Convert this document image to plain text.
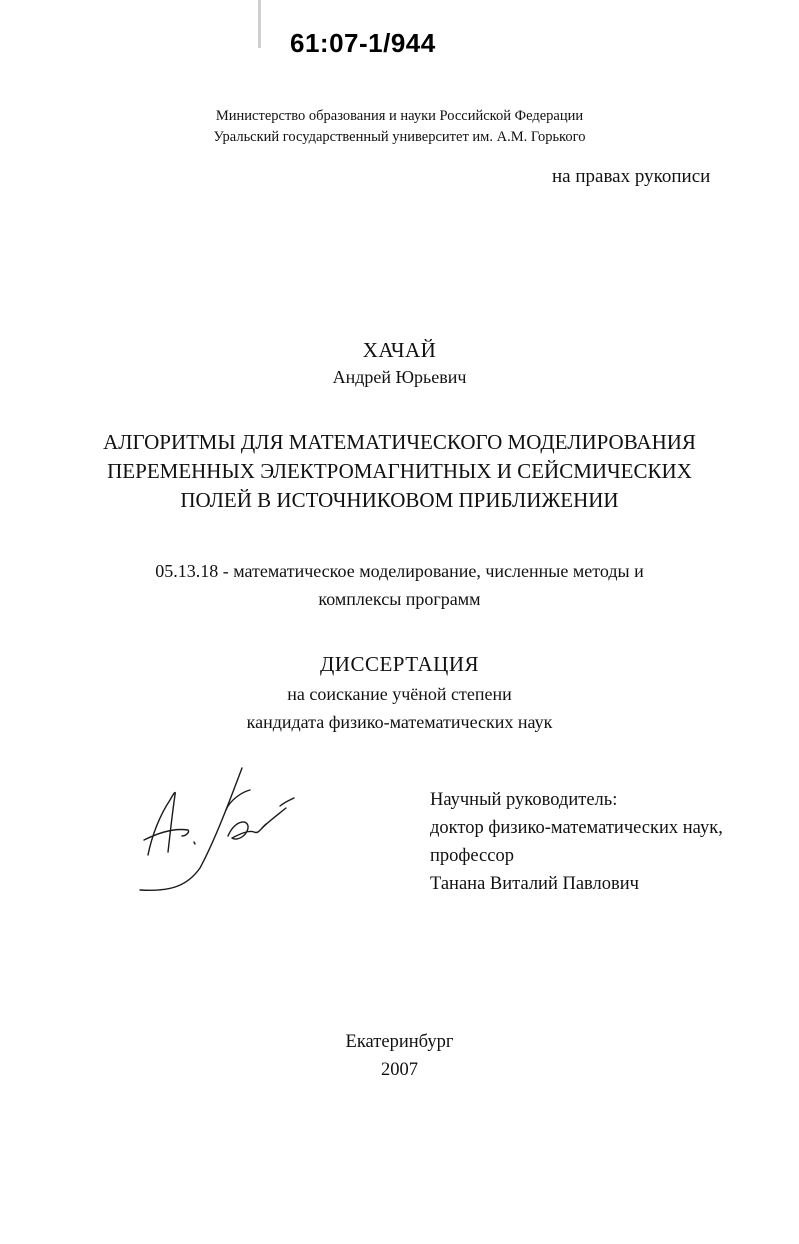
61:07-1/944
Министерство образования и науки Российской Федерации
Уральский государственный университет им. А.М. Горького
на правах рукописи
ХАЧАЙ
Андрей Юрьевич
АЛГОРИТМЫ ДЛЯ МАТЕМАТИЧЕСКОГО МОДЕЛИРОВАНИЯ
ПЕРЕМЕННЫХ ЭЛЕКТРОМАГНИТНЫХ И СЕЙСМИЧЕСКИХ
ПОЛЕЙ В ИСТОЧНИКОВОМ ПРИБЛИЖЕНИИ
05.13.18 - математическое моделирование, численные методы и
комплексы программ
ДИССЕРТАЦИЯ
на соискание учёной степени
кандидата физико-математических наук
Научный руководитель:
доктор физико-математических наук,
профессор
Танана Виталий Павлович
Екатеринбург
2007
